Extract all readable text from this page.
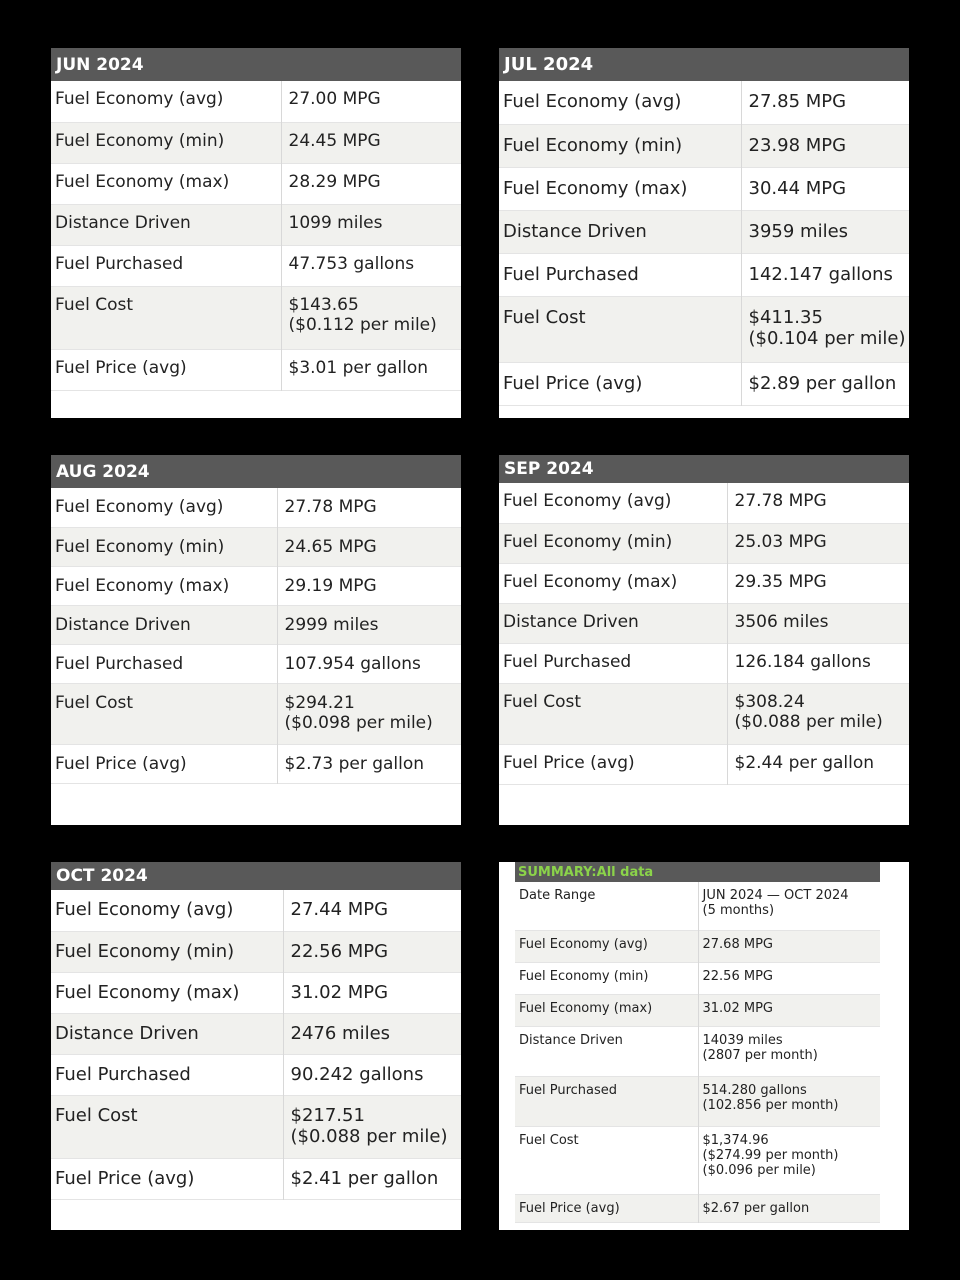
JUN 2024
Fuel Economy (avg)	27.00 MPG
Fuel Economy (min)	24.45 MPG
Fuel Economy (max)	28.29 MPG
Distance Driven	1099 miles
Fuel Purchased	47.753 gallons
Fuel Cost	$143.65
($0.112 per mile)
Fuel Price (avg)	$3.01 per gallon
JUL 2024
Fuel Economy (avg)	27.85 MPG
Fuel Economy (min)	23.98 MPG
Fuel Economy (max)	30.44 MPG
Distance Driven	3959 miles
Fuel Purchased	142.147 gallons
Fuel Cost	$411.35
($0.104 per mile)
Fuel Price (avg)	$2.89 per gallon
AUG 2024
Fuel Economy (avg)	27.78 MPG
Fuel Economy (min)	24.65 MPG
Fuel Economy (max)	29.19 MPG
Distance Driven	2999 miles
Fuel Purchased	107.954 gallons
Fuel Cost	$294.21
($0.098 per mile)
Fuel Price (avg)	$2.73 per gallon
SEP 2024
Fuel Economy (avg)	27.78 MPG
Fuel Economy (min)	25.03 MPG
Fuel Economy (max)	29.35 MPG
Distance Driven	3506 miles
Fuel Purchased	126.184 gallons
Fuel Cost	$308.24
($0.088 per mile)
Fuel Price (avg)	$2.44 per gallon
OCT 2024
Fuel Economy (avg)	27.44 MPG
Fuel Economy (min)	22.56 MPG
Fuel Economy (max)	31.02 MPG
Distance Driven	2476 miles
Fuel Purchased	90.242 gallons
Fuel Cost	$217.51
($0.088 per mile)
Fuel Price (avg)	$2.41 per gallon
SUMMARY:All data
Date Range	JUN 2024 — OCT 2024
(5 months)
Fuel Economy (avg)	27.68 MPG
Fuel Economy (min)	22.56 MPG
Fuel Economy (max)	31.02 MPG
Distance Driven	14039 miles
(2807 per month)
Fuel Purchased	514.280 gallons
(102.856 per month)
Fuel Cost	$1,374.96
($274.99 per month)
($0.096 per mile)
Fuel Price (avg)	$2.67 per gallon
